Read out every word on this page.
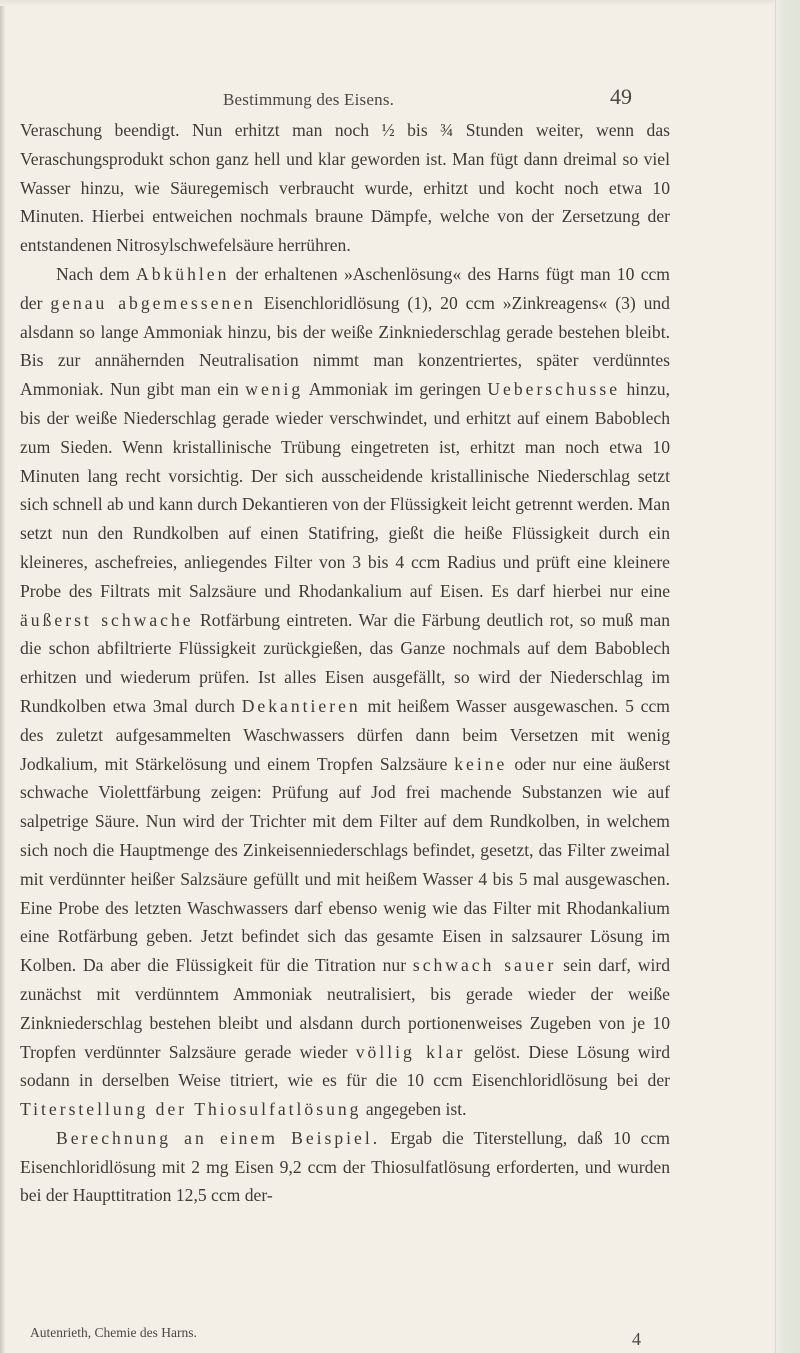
Bestimmung des Eisens.	49

Veraschung beendigt. Nun erhitzt man noch ½ bis ¾ Stunden weiter, wenn das Veraschungsprodukt schon ganz hell und klar geworden ist. Man fügt dann dreimal so viel Wasser hinzu, wie Säuregemisch verbraucht wurde, erhitzt und kocht noch etwa 10 Minuten. Hierbei entweichen nochmals braune Dämpfe, welche von der Zersetzung der entstandenen Nitrosylschwefelsäure herrühren.

Nach dem Abkühlen der erhaltenen »Aschenlösung« des Harns fügt man 10 ccm der genau abgemessenen Eisenchloridlösung (1), 20 ccm »Zinkreagens« (3) und alsdann so lange Ammoniak hinzu, bis der weiße Zinkniederschlag gerade bestehen bleibt. Bis zur annähernden Neutralisation nimmt man konzentriertes, später verdünntes Ammoniak. Nun gibt man ein wenig Ammoniak im geringen Ueberschusse hinzu, bis der weiße Niederschlag gerade wieder verschwindet, und erhitzt auf einem Baboblech zum Sieden. Wenn kristallinische Trübung eingetreten ist, erhitzt man noch etwa 10 Minuten lang recht vorsichtig. Der sich ausscheidende kristallinische Niederschlag setzt sich schnell ab und kann durch Dekantieren von der Flüssigkeit leicht getrennt werden. Man setzt nun den Rundkolben auf einen Statifring, gießt die heiße Flüssigkeit durch ein kleineres, aschefreies, anliegendes Filter von 3 bis 4 ccm Radius und prüft eine kleinere Probe des Filtrats mit Salzsäure und Rhodankalium auf Eisen. Es darf hierbei nur eine äußerst schwache Rotfärbung eintreten. War die Färbung deutlich rot, so muß man die schon abfiltrierte Flüssigkeit zurückgießen, das Ganze nochmals auf dem Baboblech erhitzen und wiederum prüfen. Ist alles Eisen ausgefällt, so wird der Niederschlag im Rundkolben etwa 3mal durch Dekantieren mit heißem Wasser ausgewaschen. 5 ccm des zuletzt aufgesammelten Waschwassers dürfen dann beim Versetzen mit wenig Jodkalium, mit Stärkelösung und einem Tropfen Salzsäure keine oder nur eine äußerst schwache Violettfärbung zeigen: Prüfung auf Jod frei machende Substanzen wie auf salpetrige Säure. Nun wird der Trichter mit dem Filter auf dem Rundkolben, in welchem sich noch die Hauptmenge des Zinkeisenniederschlags befindet, gesetzt, das Filter zweimal mit verdünnter heißer Salzsäure gefüllt und mit heißem Wasser 4 bis 5 mal ausgewaschen. Eine Probe des letzten Waschwassers darf ebenso wenig wie das Filter mit Rhodankalium eine Rotfärbung geben. Jetzt befindet sich das gesamte Eisen in salzsaurer Lösung im Kolben. Da aber die Flüssigkeit für die Titration nur schwach sauer sein darf, wird zunächst mit verdünntem Ammoniak neutralisiert, bis gerade wieder der weiße Zinkniederschlag bestehen bleibt und alsdann durch portionenweises Zugeben von je 10 Tropfen verdünnter Salzsäure gerade wieder völlig klar gelöst. Diese Lösung wird sodann in derselben Weise titriert, wie es für die 10 ccm Eisenchloridlösung bei der Titerstellung der Thiosulfatlösung angegeben ist.

Berechnung an einem Beispiel. Ergab die Titerstellung, daß 10 ccm Eisenchloridlösung mit 2 mg Eisen 9,2 ccm der Thiosulfatlösung erforderten, und wurden bei der Haupttitration 12,5 ccm der-

Autenrieth, Chemie des Harns.	4
